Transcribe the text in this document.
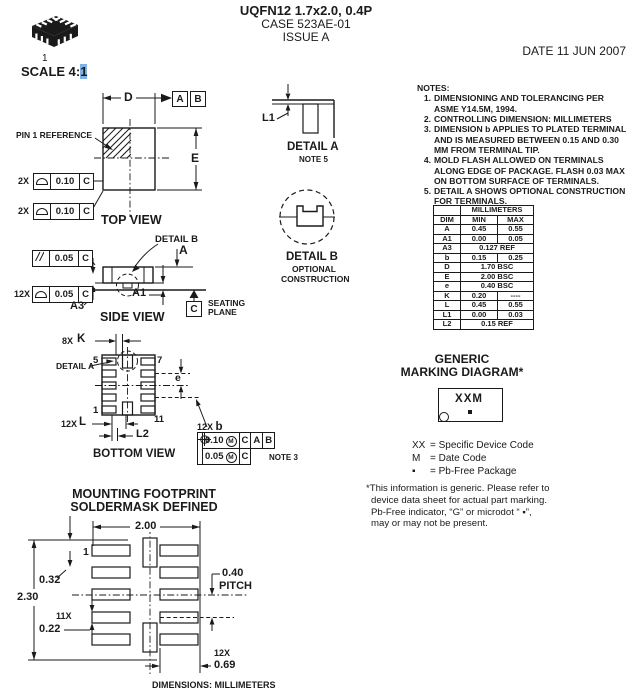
UQFN12 1.7x2.0, 0.4P
CASE 523AE-01
ISSUE A
DATE 11 JUN 2007
1
SCALE 4:1
D
E
A	B
PIN 1 REFERENCE
2X	0.10 C
2X	0.10 C
TOP VIEW
DETAIL B
0.05 C
12X	0.05 C
A
A1
A3	C
SEATING
PLANE
SIDE VIEW
L1
DETAIL A
NOTE 5
DETAIL B
OPTIONAL
CONSTRUCTION
NOTES:
1. DIMENSIONING AND TOLERANCING PER ASME Y14.5M, 1994.
2. CONTROLLING DIMENSION: MILLIMETERS
3. DIMENSION b APPLIES TO PLATED TERMINAL AND IS MEASURED BETWEEN 0.15 AND 0.30 MM FROM TERMINAL TIP.
4. MOLD FLASH ALLOWED ON TERMINALS ALONG EDGE OF PACKAGE. FLASH 0.03 MAX ON BOTTOM SURFACE OF TERMINALS.
5. DETAIL A SHOWS OPTIONAL CONSTRUCTION FOR TERMINALS.
	MILLIMETERS	
DIM	MIN	MAX
A	0.45	0.55
A1	0.00	0.05
A3	0.127 REF	
b	0.15	0.25
D	1.70 BSC	
E	2.00 BSC	
e	0.40 BSC	
K	0.20	----
L	0.45	0.55
L1	0.00	0.03
L2	0.15 REF	
8X K
5	7
1
11
DETAIL A
e
12X L
L2
BOTTOM VIEW
12X b
	0.10 M	C	A	B
	0.05 M	C			NOTE 3
GENERIC
MARKING DIAGRAM*
XXM
XX = Specific Device Code
M = Date Code
▪ = Pb-Free Package
*This information is generic. Please refer to
device data sheet for actual part marking.
Pb-Free indicator, “G” or microdot “ ▪”,
may or may not be present.
MOUNTING FOOTPRINT
SOLDERMASK DEFINED
2.00
2.30
1
0.32
11X
0.22
0.40
PITCH
12X
0.69
DIMENSIONS: MILLIMETERS
